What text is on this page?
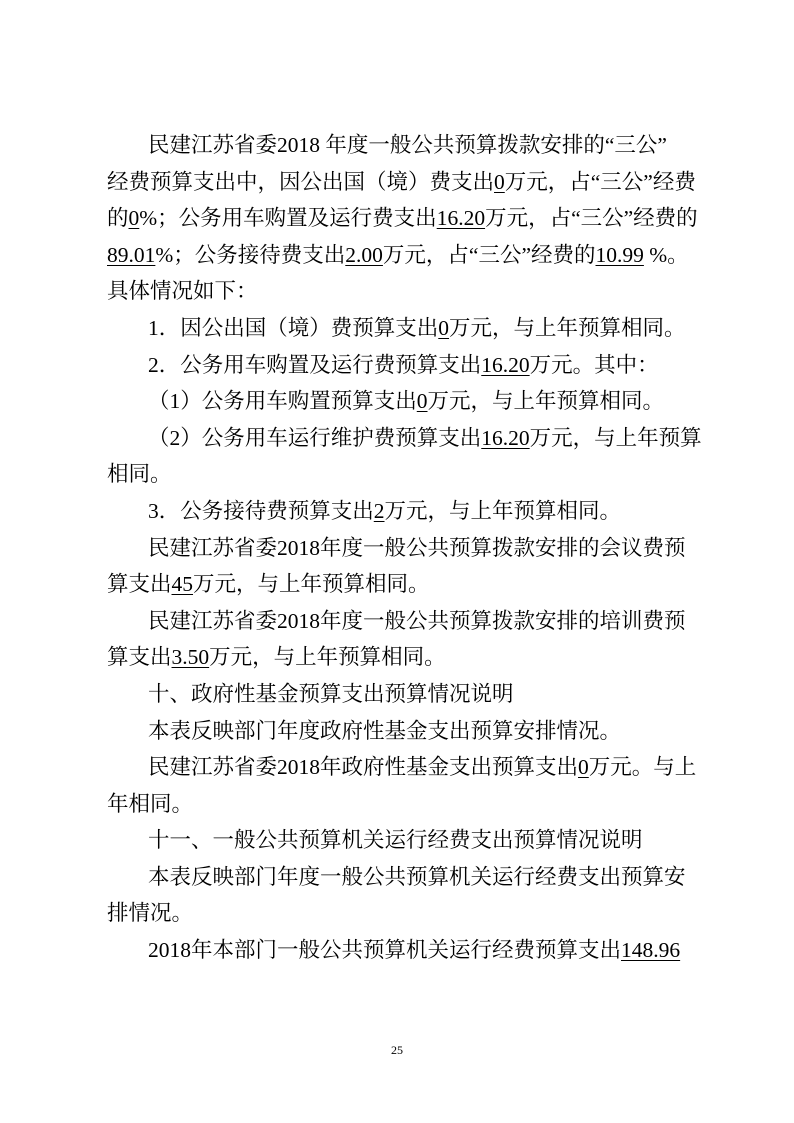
民建江苏省委2018 年度一般公共预算拨款安排的“三公”
经费预算支出中，因公出国（境）费支出0万元，占“三公”经费
的0%；公务用车购置及运行费支出16.20万元，占“三公”经费的
89.01%；公务接待费支出2.00万元，占“三公”经费的10.99 %。
具体情况如下：
1．因公出国（境）费预算支出0万元，与上年预算相同。
2．公务用车购置及运行费预算支出16.20万元。其中：
（1）公务用车购置预算支出0万元，与上年预算相同。
（2）公务用车运行维护费预算支出16.20万元，与上年预算
相同。
3．公务接待费预算支出2万元，与上年预算相同。
民建江苏省委2018年度一般公共预算拨款安排的会议费预
算支出45万元，与上年预算相同。
民建江苏省委2018年度一般公共预算拨款安排的培训费预
算支出3.50万元，与上年预算相同。
十、政府性基金预算支出预算情况说明
本表反映部门年度政府性基金支出预算安排情况。
民建江苏省委2018年政府性基金支出预算支出0万元。与上
年相同。
十一、一般公共预算机关运行经费支出预算情况说明
本表反映部门年度一般公共预算机关运行经费支出预算安
排情况。
2018年本部门一般公共预算机关运行经费预算支出148.96
25
